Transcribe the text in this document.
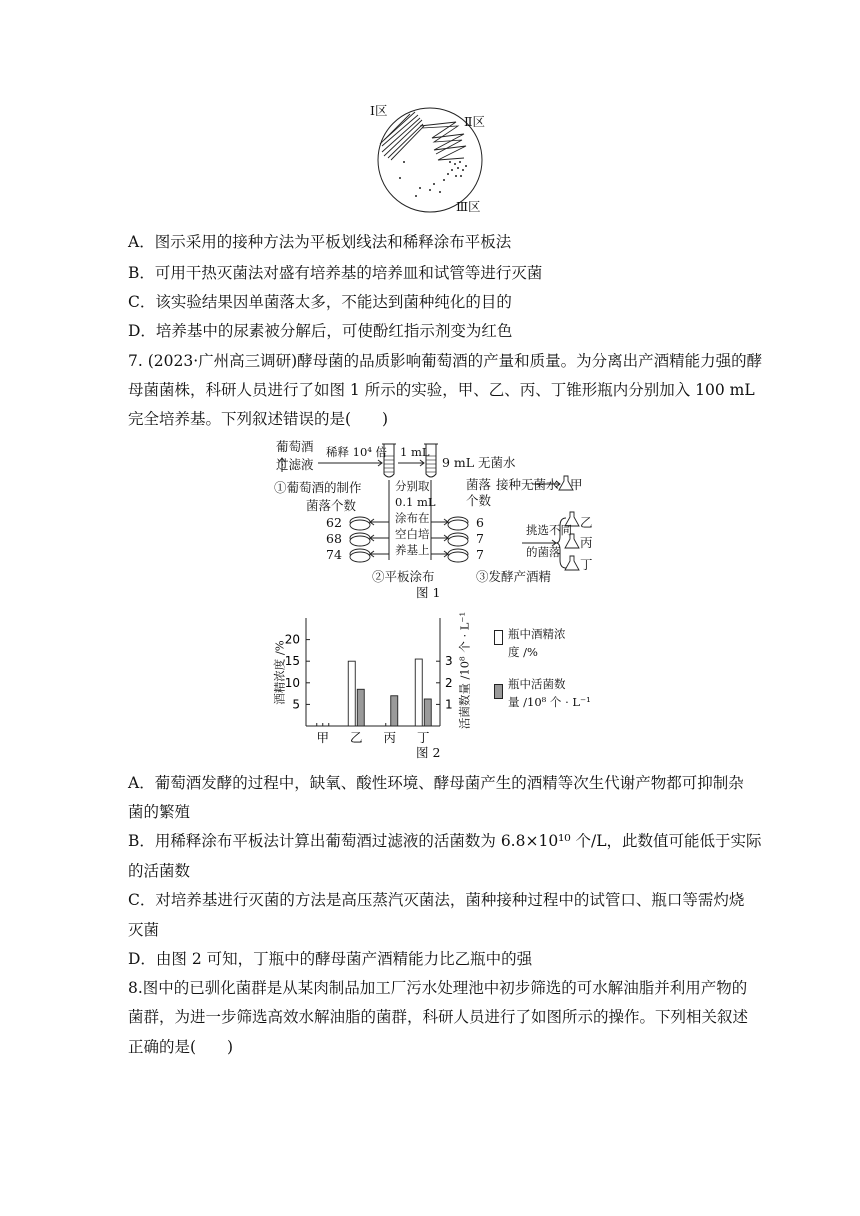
Ⅰ区
Ⅱ区
Ⅲ区
A．图示采用的接种方法为平板划线法和稀释涂布平板法
B．可用干热灭菌法对盛有培养基的培养皿和试管等进行灭菌
C．该实验结果因单菌落太多，不能达到菌种纯化的目的
D．培养基中的尿素被分解后，可使酚红指示剂变为红色
7. (2023·广州高三调研)酵母菌的品质影响葡萄酒的产量和质量。为分离出产酒精能力强的酵
母菌菌株，科研人员进行了如图 1 所示的实验，甲、乙、丙、丁锥形瓶内分别加入 100 mL
完全培养基。下列叙述错误的是(　　)
葡萄酒
过滤液
稀释 10⁴ 倍 1 mL
9 mL 无菌水
①葡萄酒的制作
菌落个数
62
68
74
分别取
0.1 mL
涂布在
空白培
养基上
菌落
个数
6
7
7
接种无菌水 甲
挑选不同
的菌落
乙
丙
丁
②平板涂布	③发酵产酒精
图 1
5
10
15
20
1
2
3
甲 乙 丙 丁
酒精浓度 /%	活菌数量 /10⁸ 个 · L⁻¹	瓶中酒精浓
度 /%
瓶中活菌数
量 /10⁸ 个 · L⁻¹
图 2
A．葡萄酒发酵的过程中，缺氧、酸性环境、酵母菌产生的酒精等次生代谢产物都可抑制杂
菌的繁殖
B．用稀释涂布平板法计算出葡萄酒过滤液的活菌数为 6.8×10¹⁰ 个/L，此数值可能低于实际
的活菌数
C．对培养基进行灭菌的方法是高压蒸汽灭菌法，菌种接种过程中的试管口、瓶口等需灼烧
灭菌
D．由图 2 可知，丁瓶中的酵母菌产酒精能力比乙瓶中的强
8.图中的已驯化菌群是从某肉制品加工厂污水处理池中初步筛选的可水解油脂并利用产物的
菌群，为进一步筛选高效水解油脂的菌群，科研人员进行了如图所示的操作。下列相关叙述
正确的是(　　)
